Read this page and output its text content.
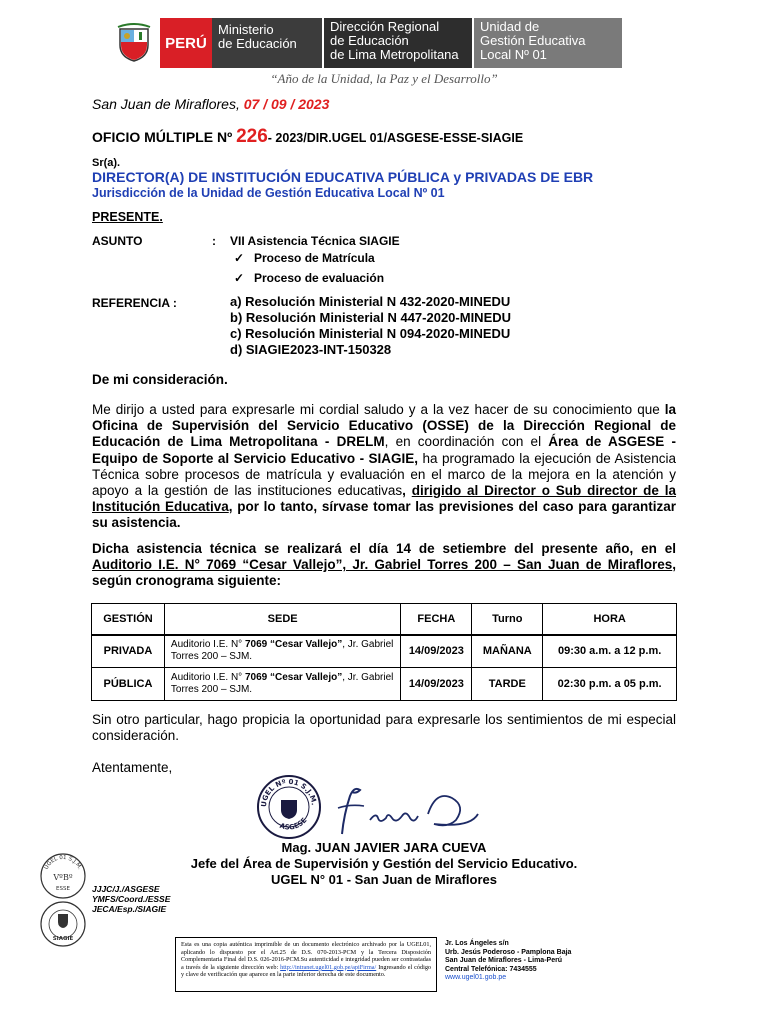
PERÚ
Ministerio
de Educación
Dirección Regional
de Educación
de Lima Metropolitana
Unidad de
Gestión Educativa
Local Nº 01
“Año de la Unidad, la Paz y el Desarrollo”
San Juan de Miraflores, 07 / 09 / 2023
OFICIO MÚLTIPLE Nº 226- 2023/DIR.UGEL 01/ASGESE-ESSE-SIAGIE
Sr(a).
DIRECTOR(A) DE INSTITUCIÓN EDUCATIVA PÚBLICA y PRIVADAS DE EBR
Jurisdicción de la Unidad de Gestión Educativa Local Nº 01
PRESENTE.
ASUNTO	: VII Asistencia Técnica SIAGIE
✓ Proceso de Matrícula
✓ Proceso de evaluación
REFERENCIA :	a) Resolución Ministerial N 432-2020-MINEDU
b) Resolución Ministerial N 447-2020-MINEDU
c) Resolución Ministerial N 094-2020-MINEDU
d) SIAGIE2023-INT-150328
De mi consideración.
Me dirijo a usted para expresarle mi cordial saludo y a la vez hacer de su conocimiento que la Oficina de Supervisión del Servicio Educativo (OSSE) de la Dirección Regional de Educación de Lima Metropolitana - DRELM, en coordinación con el Área de ASGESE - Equipo de Soporte al Servicio Educativo - SIAGIE, ha programado la ejecución de Asistencia Técnica sobre procesos de matrícula y evaluación en el marco de la mejora en la atención y apoyo a la gestión de las instituciones educativas, dirigido al Director o Sub director de la Institución Educativa, por lo tanto, sírvase tomar las previsiones del caso para garantizar su asistencia.
Dicha asistencia técnica se realizará el día 14 de setiembre del presente año, en el Auditorio I.E. N° 7069 “Cesar Vallejo”, Jr. Gabriel Torres 200 – San Juan de Miraflores, según cronograma siguiente:
GESTIÓN	SEDE	FECHA	Turno	HORA
PRIVADA	Auditorio I.E. N° 7069 “Cesar Vallejo”, Jr. Gabriel Torres 200 – SJM.	14/09/2023	MAÑANA	09:30 a.m. a 12 p.m.
PÚBLICA	Auditorio I.E. N° 7069 “Cesar Vallejo”, Jr. Gabriel Torres 200 – SJM.	14/09/2023	TARDE	02:30 p.m. a 05 p.m.
Sin otro particular, hago propicia la oportunidad para expresarle los sentimientos de mi especial consideración.
Atentamente,
UGEL Nº 01 S.J.M.
ASGESE
Mag. JUAN JAVIER JARA CUEVA
Jefe del Área de Supervisión y Gestión del Servicio Educativo.
UGEL N° 01 - San Juan de Miraflores
UGEL 01 S.J.M.
VºBº
ESSE
SIAGIE
JJJC/J./ASGESE
YMFS/Coord./ESSE
JECA/Esp./SIAGIE
Esta es una copia auténtica imprimible de un documento electrónico archivado por la UGEL01, aplicando lo dispuesto por el Art.25 de D.S. 070-2013-PCM y la Tercera Disposición Complementaria Final del D.S. 026-2016-PCM.Su autenticidad e integridad pueden ser contrastadas a través de la siguiente dirección web: http://intranet.ugel01.gob.pe/apiFirma/ Ingresando el código y clave de verificación que aparece en la parte inferior derecha de este documento.
Jr. Los Ángeles s/n
Urb. Jesús Poderoso - Pamplona Baja
San Juan de Miraflores - Lima-Perú
Central Telefónica: 7434555
www.ugel01.gob.pe
